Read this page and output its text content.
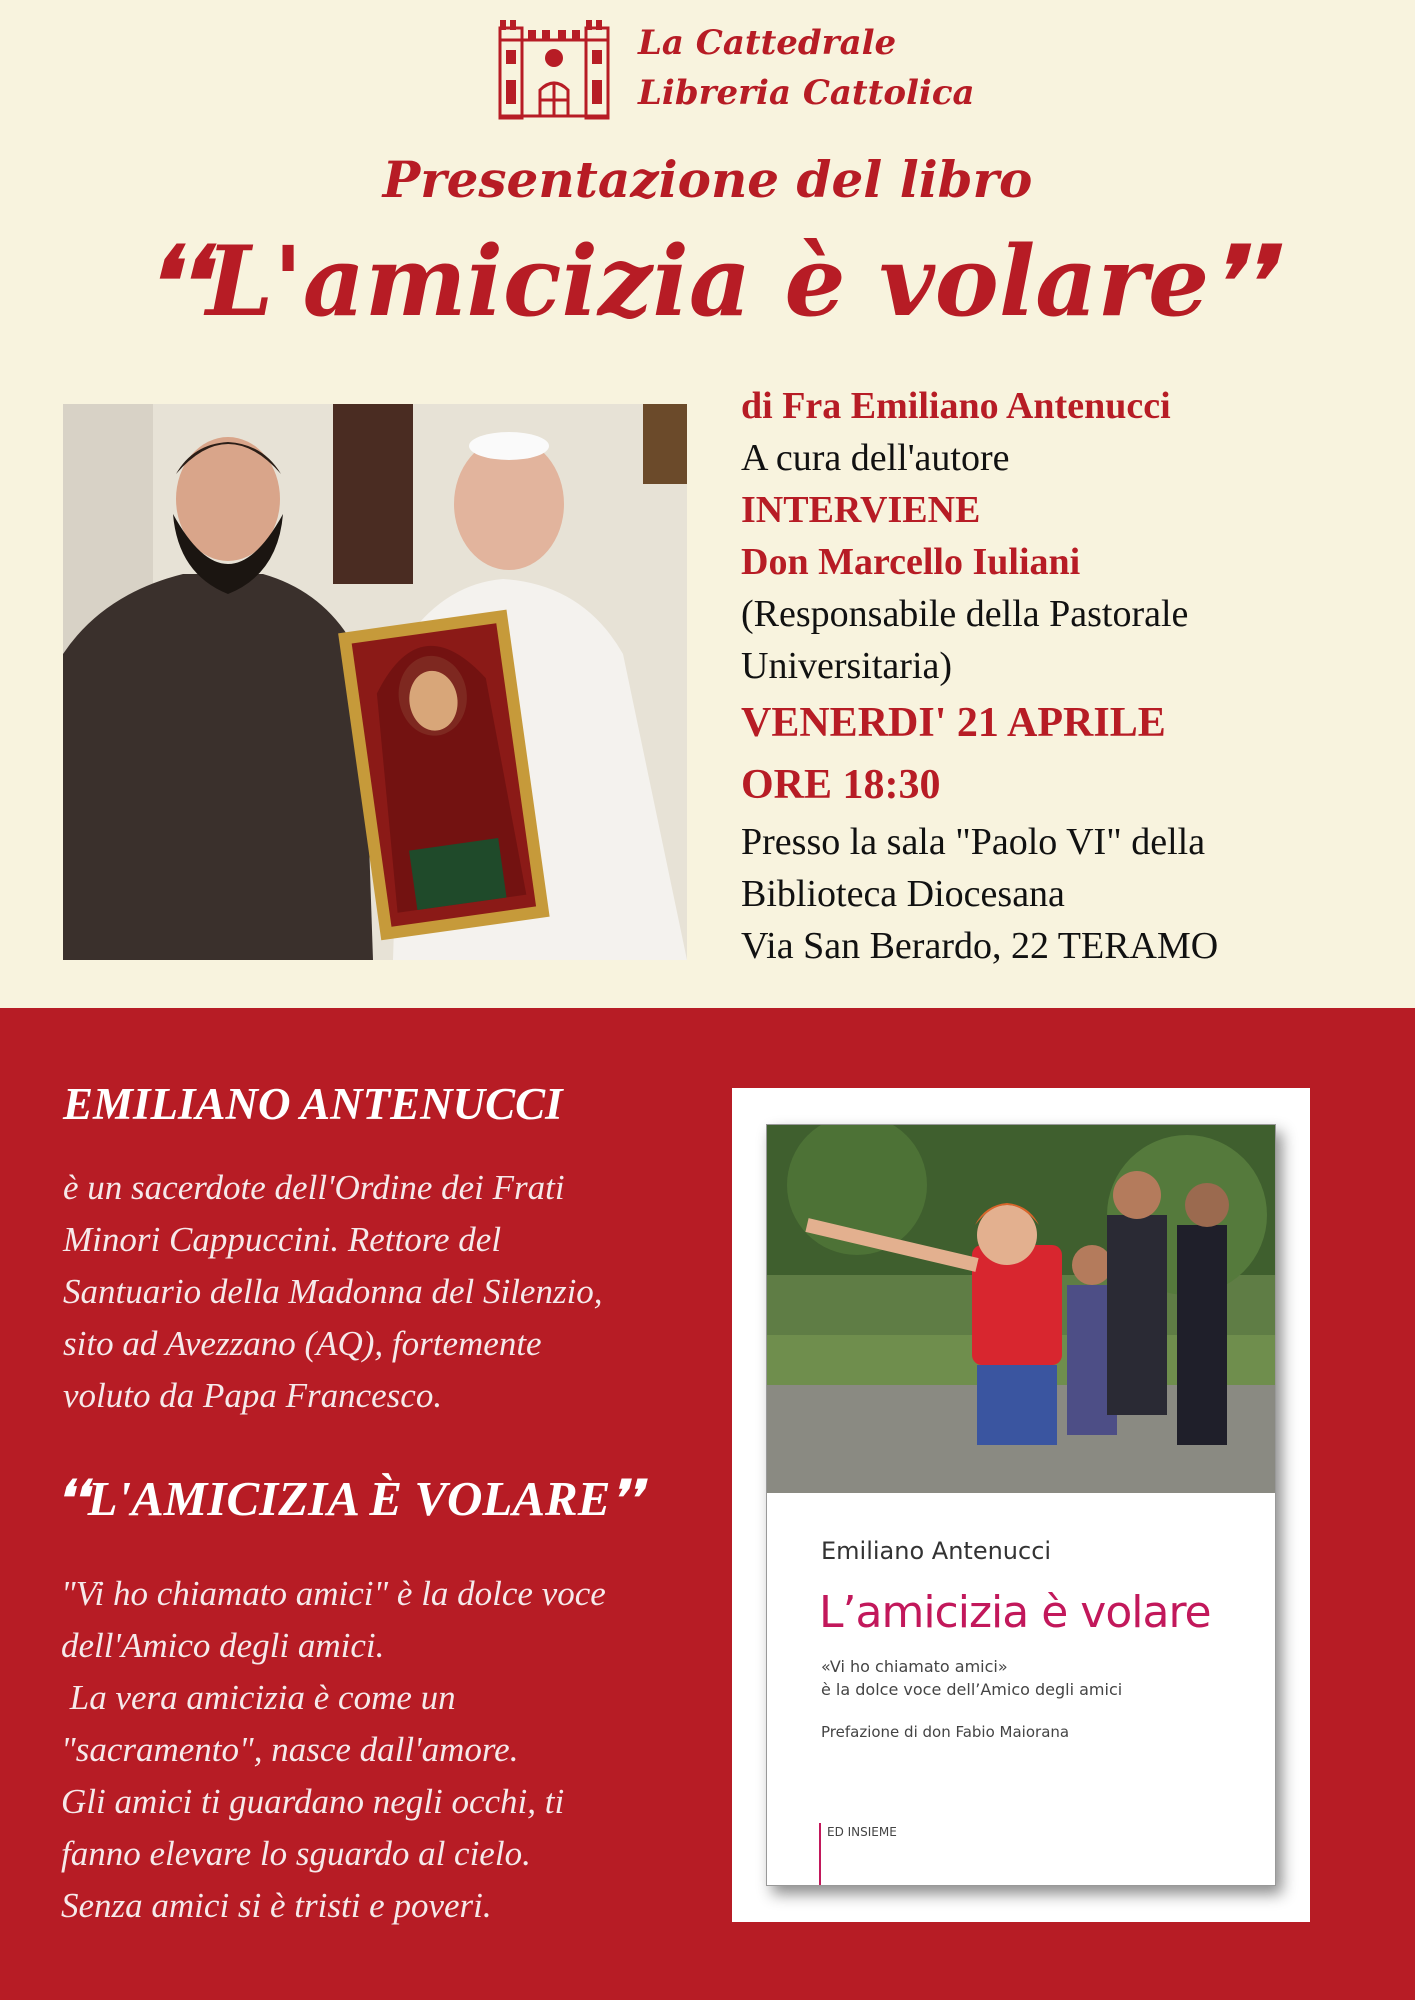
La Cattedrale
Libreria Cattolica
Presentazione del libro
❛❛L'amicizia è volare❜❜
di Fra Emiliano Antenucci
A cura dell'autore
INTERVIENE
Don Marcello Iuliani
(Responsabile della Pastorale
Universitaria)
VENERDI' 21 APRILE
ORE 18:30
Presso la sala "Paolo VI" della
Biblioteca Diocesana
Via San Berardo, 22 TERAMO
EMILIANO ANTENUCCI
è un sacerdote dell'Ordine dei Frati
Minori Cappuccini. Rettore del
Santuario della Madonna del Silenzio,
sito ad Avezzano (AQ), fortemente
voluto da Papa Francesco.
❛❛L'AMICIZIA È VOLARE❜❜
"Vi ho chiamato amici" è la dolce voce
dell'Amico degli amici.
La vera amicizia è come un
"sacramento", nasce dall'amore.
Gli amici ti guardano negli occhi, ti
fanno elevare lo sguardo al cielo.
Senza amici si è tristi e poveri.
Emiliano Antenucci
L’amicizia è volare
«Vi ho chiamato amici»
è la dolce voce dell’Amico degli amici
Prefazione di don Fabio Maiorana
ED INSIEME
